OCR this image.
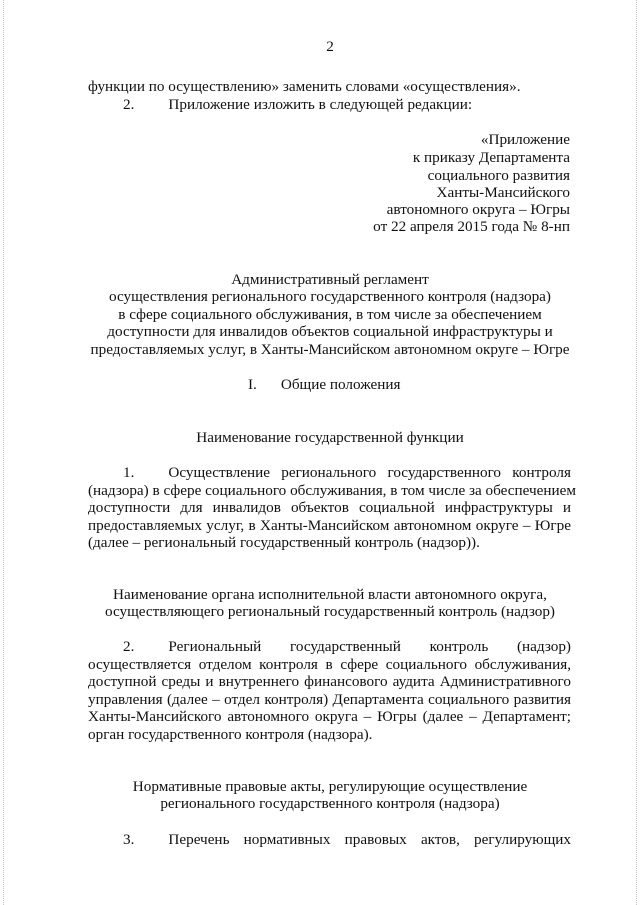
2
функции по осуществлению» заменить словами «осуществления».
2. Приложение изложить в следующей редакции:
«Приложение
к приказу Департамента
социального развития
Ханты-Мансийского
автономного округа – Югры
от 22 апреля 2015 года № 8-нп
Административный регламент
осуществления регионального государственного контроля (надзора)
в сфере социального обслуживания, в том числе за обеспечением
доступности для инвалидов объектов социальной инфраструктуры и
предоставляемых услуг, в Ханты-Мансийском автономном округе – Югре
I. Общие положения
Наименование государственной функции
1. Осуществление регионального государственного контроля
(надзора) в сфере социального обслуживания, в том числе за обеспечением
доступности для инвалидов объектов социальной инфраструктуры и
предоставляемых услуг, в Ханты-Мансийском автономном округе – Югре
(далее – региональный государственный контроль (надзор)).
Наименование органа исполнительной власти автономного округа,
осуществляющего региональный государственный контроль (надзор)
2. Региональный государственный контроль (надзор)
осуществляется отделом контроля в сфере социального обслуживания,
доступной среды и внутреннего финансового аудита Административного
управления (далее – отдел контроля) Департамента социального развития
Ханты-Мансийского автономного округа – Югры (далее – Департамент;
орган государственного контроля (надзора).
Нормативные правовые акты, регулирующие осуществление
регионального государственного контроля (надзора)
3. Перечень нормативных правовых актов, регулирующих
